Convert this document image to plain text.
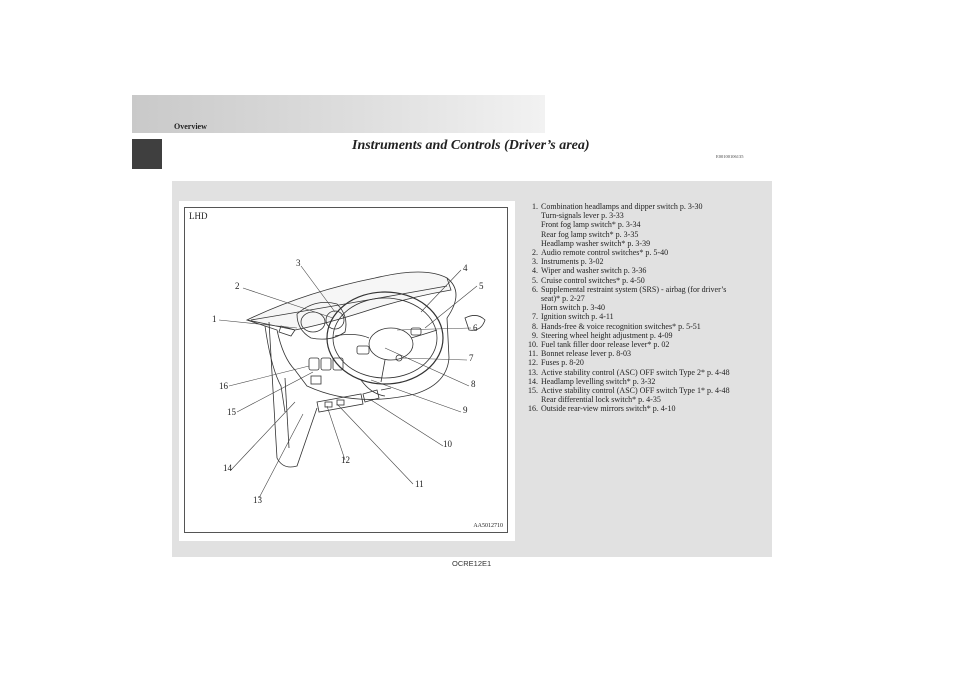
Overview
Instruments and Controls (Driver’s area)
E00100106135
LHD
1
2
3	4
5
6
7
8
9
10
11
12
13
14
15
16
AA5012710
1. Combination headlamps and dipper switch p. 3-30
Turn-signals lever p. 3-33
Front fog lamp switch* p. 3-34
Rear fog lamp switch* p. 3-35
Headlamp washer switch* p. 3-39
2. Audio remote control switches* p. 5-40
3. Instruments p. 3-02
4. Wiper and washer switch p. 3-36
5. Cruise control switches* p. 4-50
6. Supplemental restraint system (SRS) - airbag (for driver’s
seat)* p. 2-27
Horn switch p. 3-40
7. Ignition switch p. 4-11
8. Hands-free & voice recognition switches* p. 5-51
9. Steering wheel height adjustment p. 4-09
10. Fuel tank filler door release lever* p. 02
11. Bonnet release lever p. 8-03
12. Fuses p. 8-20
13. Active stability control (ASC) OFF switch Type 2* p. 4-48
14. Headlamp levelling switch* p. 3-32
15. Active stability control (ASC) OFF switch Type 1* p. 4-48
Rear differential lock switch* p. 4-35
16. Outside rear-view mirrors switch* p. 4-10
OCRE12E1
